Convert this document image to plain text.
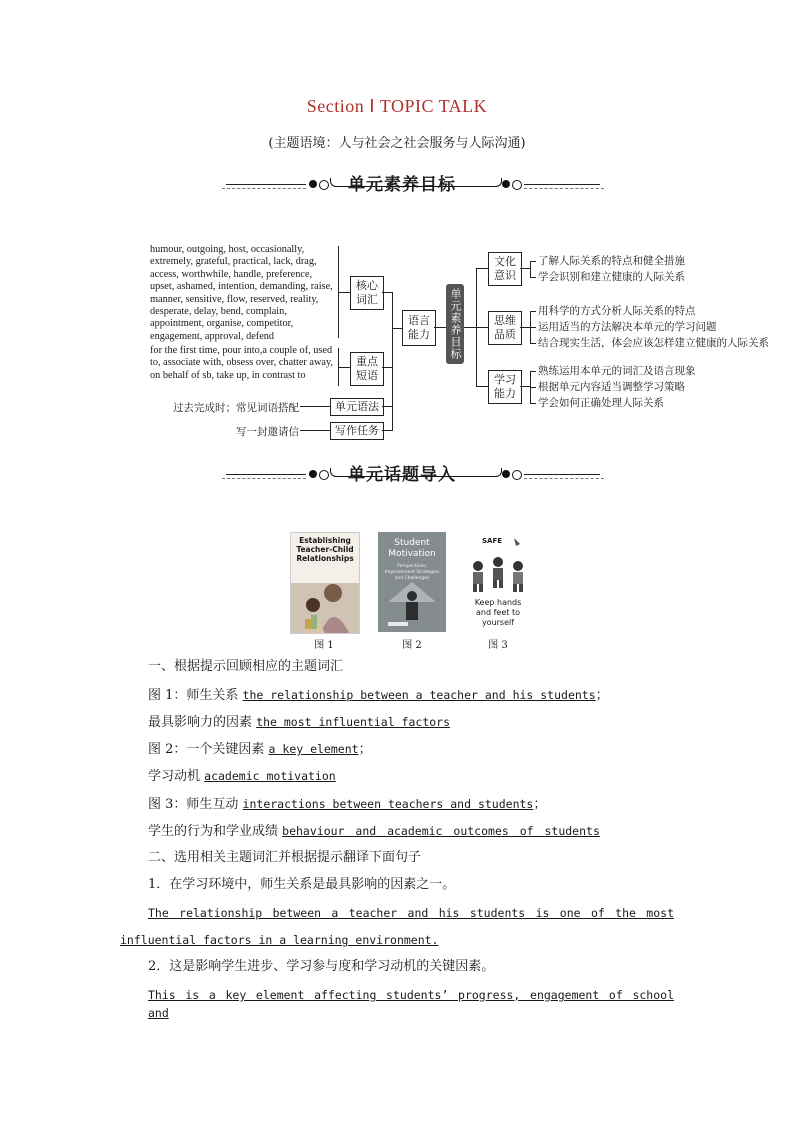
Section Ⅰ TOPIC TALK
(主题语境：人与社会之社会服务与人际沟通)
单元素养目标
humour, outgoing, host, occasionally, extremely, grateful, practical, lack, drag, access, worthwhile, handle, preference, upset, ashamed, intention, demanding, raise, manner, sensitive, flow, reserved, reality, desperate, delay, bend, complain, appointment, organise, competitor, engagement, approval, defend
for the first time, pour into,a couple of, used to, associate with, obsess over, chatter away, on behalf of sb, take up, in contrast to
过去完成时；常见词语搭配
写一封邀请信
核心词汇
重点短语
单元语法
写作任务
语言能力	单元素养目标
文化意识
思维品质
学习能力
了解人际关系的特点和健全措施
学会识别和建立健康的人际关系
用科学的方式分析人际关系的特点
运用适当的方法解决本单元的学习问题
结合现实生活，体会应该怎样建立健康的人际关系
熟练运用本单元的词汇及语言现象
根据单元内容适当调整学习策略
学会如何正确处理人际关系
单元话题导入
Establishing Teacher-Child Relationships
图 1
Student Motivation
Perspectives, Improvement Strategies and Challenges
图 2
SAFE
Keep hands and feet to yourself
图 3
一、根据提示回顾相应的主题词汇
图 1：师生关系 the relationship between a teacher and his students；
最具影响力的因素 the most influential factors
图 2：一个关键因素 a key element；
学习动机 academic motivation
图 3：师生互动 interactions between teachers and students；
学生的行为和学业成绩 behaviour and academic outcomes of students
二、选用相关主题词汇并根据提示翻译下面句子
1．在学习环境中，师生关系是最具影响的因素之一。
The relationship between a teacher and his students is one of the most
influential factors in a learning environment.
2．这是影响学生进步、学习参与度和学习动机的关键因素。
This is a key element affecting students’ progress, engagement of school and
